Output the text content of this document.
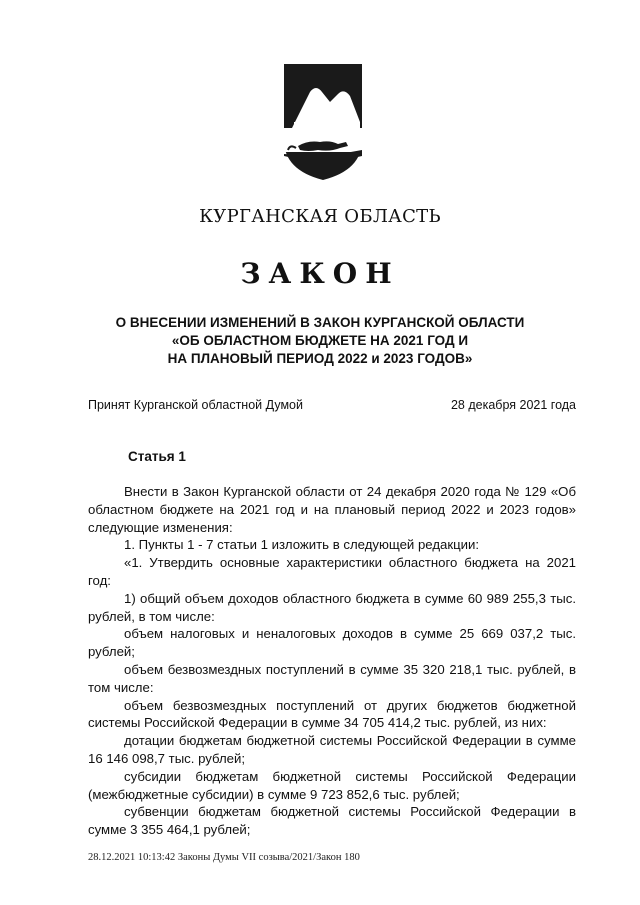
КУРГАНСКАЯ ОБЛАСТЬ
ЗАКОН
О ВНЕСЕНИИ ИЗМЕНЕНИЙ В ЗАКОН КУРГАНСКОЙ ОБЛАСТИ
«ОБ ОБЛАСТНОМ БЮДЖЕТЕ НА 2021 ГОД И
НА ПЛАНОВЫЙ ПЕРИОД 2022 и 2023 ГОДОВ»
Принят Курганской областной Думой	28 декабря 2021 года
Статья 1

Внести в Закон Курганской области от 24 декабря 2020 года № 129 «Об областном бюджете на 2021 год и на плановый период 2022 и 2023 годов» следующие изменения:

1. Пункты 1 - 7 статьи 1 изложить в следующей редакции:

«1. Утвердить основные характеристики областного бюджета на 2021 год:

1) общий объем доходов областного бюджета в сумме 60 989 255,3 тыс. рублей, в том числе:

объем налоговых и неналоговых доходов в сумме 25 669 037,2 тыс. рублей;

объем безвозмездных поступлений в сумме 35 320 218,1 тыс. рублей, в том числе:

объем безвозмездных поступлений от других бюджетов бюджетной системы Российской Федерации в сумме 34 705 414,2 тыс. рублей, из них:

дотации бюджетам бюджетной системы Российской Федерации в сумме 16 146 098,7 тыс. рублей;

субсидии бюджетам бюджетной системы Российской Федерации (межбюджетные субсидии) в сумме 9 723 852,6 тыс. рублей;

субвенции бюджетам бюджетной системы Российской Федерации в сумме 3 355 464,1 рублей;

28.12.2021 10:13:42 Законы Думы VII созыва/2021/Закон 180
